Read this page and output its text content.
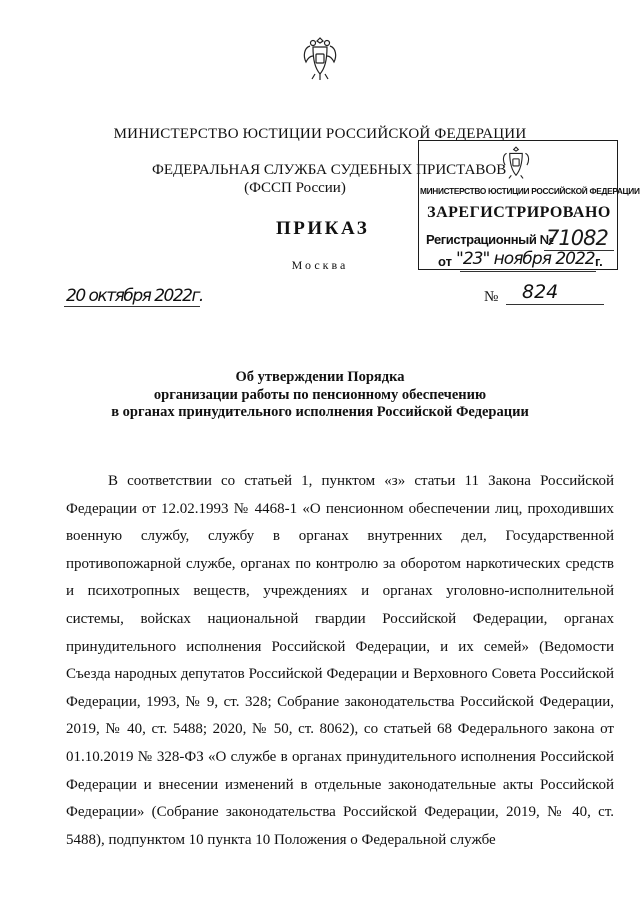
МИНИСТЕРСТВО ЮСТИЦИИ РОССИЙСКОЙ ФЕДЕРАЦИИ
ФЕДЕРАЛЬНАЯ СЛУЖБА СУДЕБНЫХ ПРИСТАВОВ
(ФССП России)
ПРИКАЗ
Москва
МИНИСТЕРСТВО ЮСТИЦИИ РОССИЙСКОЙ ФЕДЕРАЦИИ
ЗАРЕГИСТРИРОВАНО
Регистрационный №
71082
от "23" ноября 2022 г.
20 октября 2022г.	№ 824
Об утверждении Порядка
организации работы по пенсионному обеспечению
в органах принудительного исполнения Российской Федерации

В соответствии со статьей 1, пунктом «з» статьи 11 Закона Российской Федерации от 12.02.1993 № 4468-1 «О пенсионном обеспечении лиц, проходивших военную службу, службу в органах внутренних дел, Государственной противопожарной службе, органах по контролю за оборотом наркотических средств и психотропных веществ, учреждениях и органах уголовно-исполнительной системы, войсках национальной гвардии Российской Федерации, органах принудительного исполнения Российской Федерации, и их семей» (Ведомости Съезда народных депутатов Российской Федерации и Верховного Совета Российской Федерации, 1993, № 9, ст. 328; Собрание законодательства Российской Федерации, 2019, № 40, ст. 5488; 2020, № 50, ст. 8062), со статьей 68 Федерального закона от 01.10.2019 № 328-ФЗ «О службе в органах принудительного исполнения Российской Федерации и внесении изменений в отдельные законодательные акты Российской Федерации» (Собрание законодательства Российской Федерации, 2019, № 40, ст. 5488), подпунктом 10 пункта 10 Положения о Федеральной службе
